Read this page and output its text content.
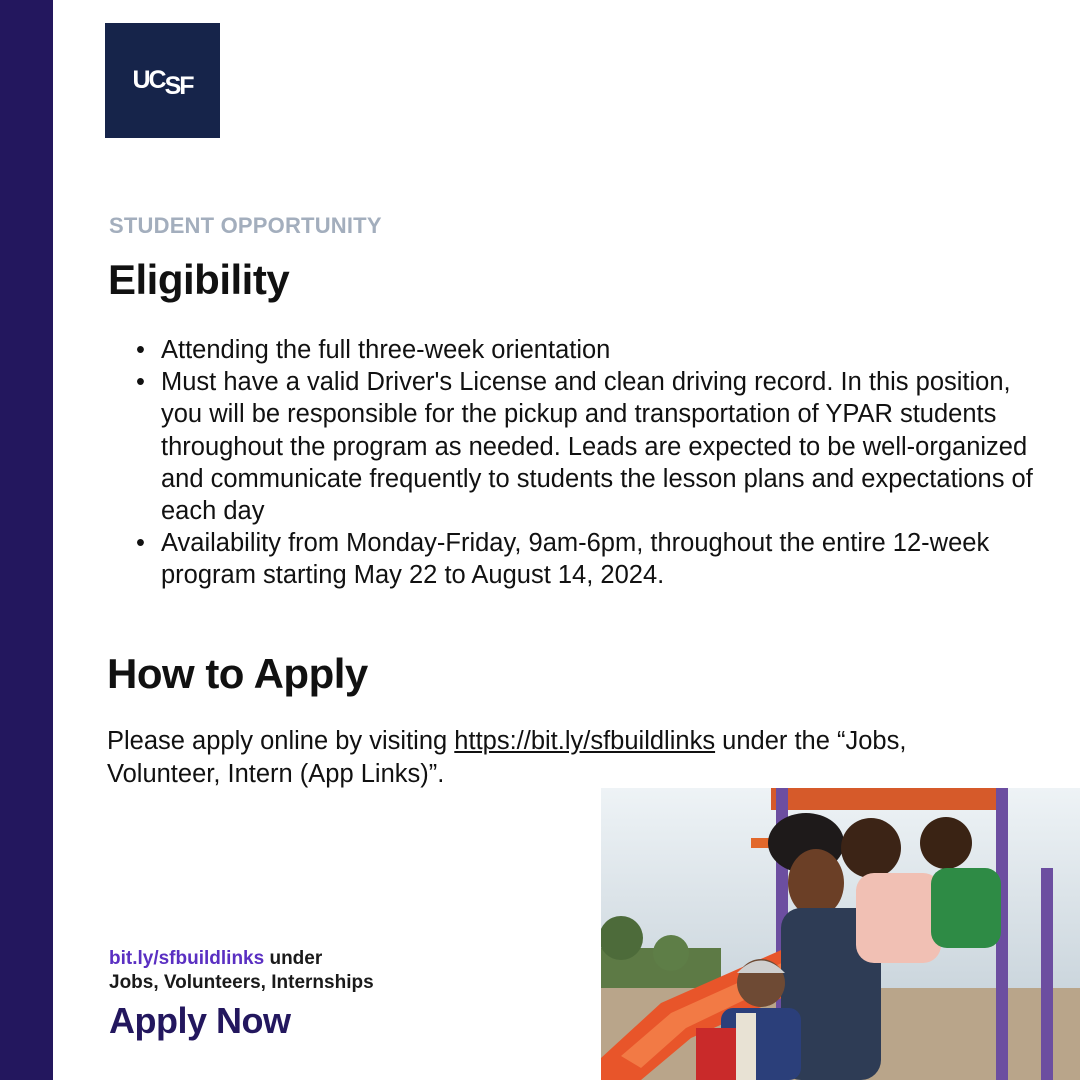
UC SF
STUDENT OPPORTUNITY
Eligibility
• Attending the full three-week orientation
• Must have a valid Driver's License and clean driving record. In this position, you will be responsible for the pickup and transportation of YPAR students throughout the program as needed. Leads are expected to be well-organized and communicate frequently to students the lesson plans and expectations of each day
• Availability from Monday-Friday, 9am-6pm, throughout the entire 12-week program starting May 22 to August 14, 2024.
How to Apply

Please apply online by visiting https://bit.ly/sfbuildlinks under the “Jobs, Volunteer, Intern (App Links)”.

bit.ly/sfbuildlinks under
Jobs, Volunteers, Internships
Apply Now
